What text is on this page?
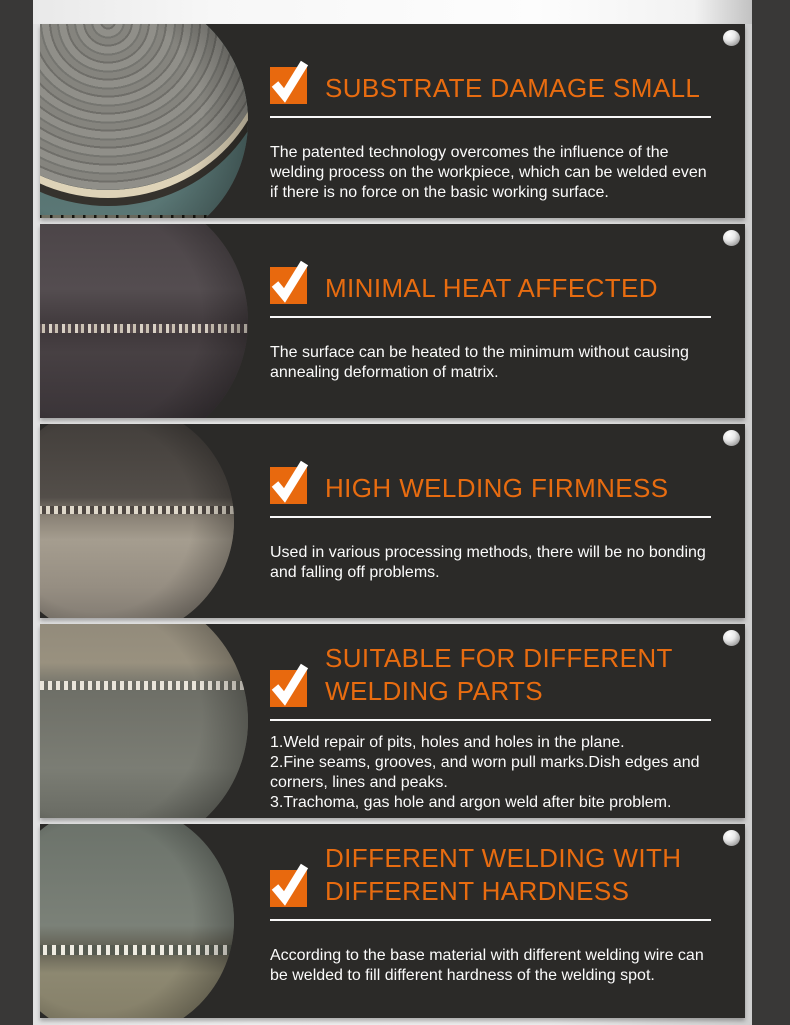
SUBSTRATE DAMAGE SMALL

The patented technology overcomes the influence of the welding process on the workpiece, which can be welded even if there is no force on the basic working surface.

MINIMAL HEAT AFFECTED

The surface can be heated to the minimum without causing annealing deformation of matrix.

HIGH WELDING FIRMNESS

Used in various processing methods, there will be no bonding and falling off problems.

SUITABLE FOR DIFFERENT
WELDING PARTS

1.Weld repair of pits, holes and holes in the plane.

2.Fine seams, grooves, and worn pull marks.Dish edges and corners, lines and peaks.

3.Trachoma, gas hole and argon weld after bite problem.

DIFFERENT WELDING WITH
DIFFERENT HARDNESS

According to the base material with different welding wire can be welded to fill different hardness of the welding spot.
